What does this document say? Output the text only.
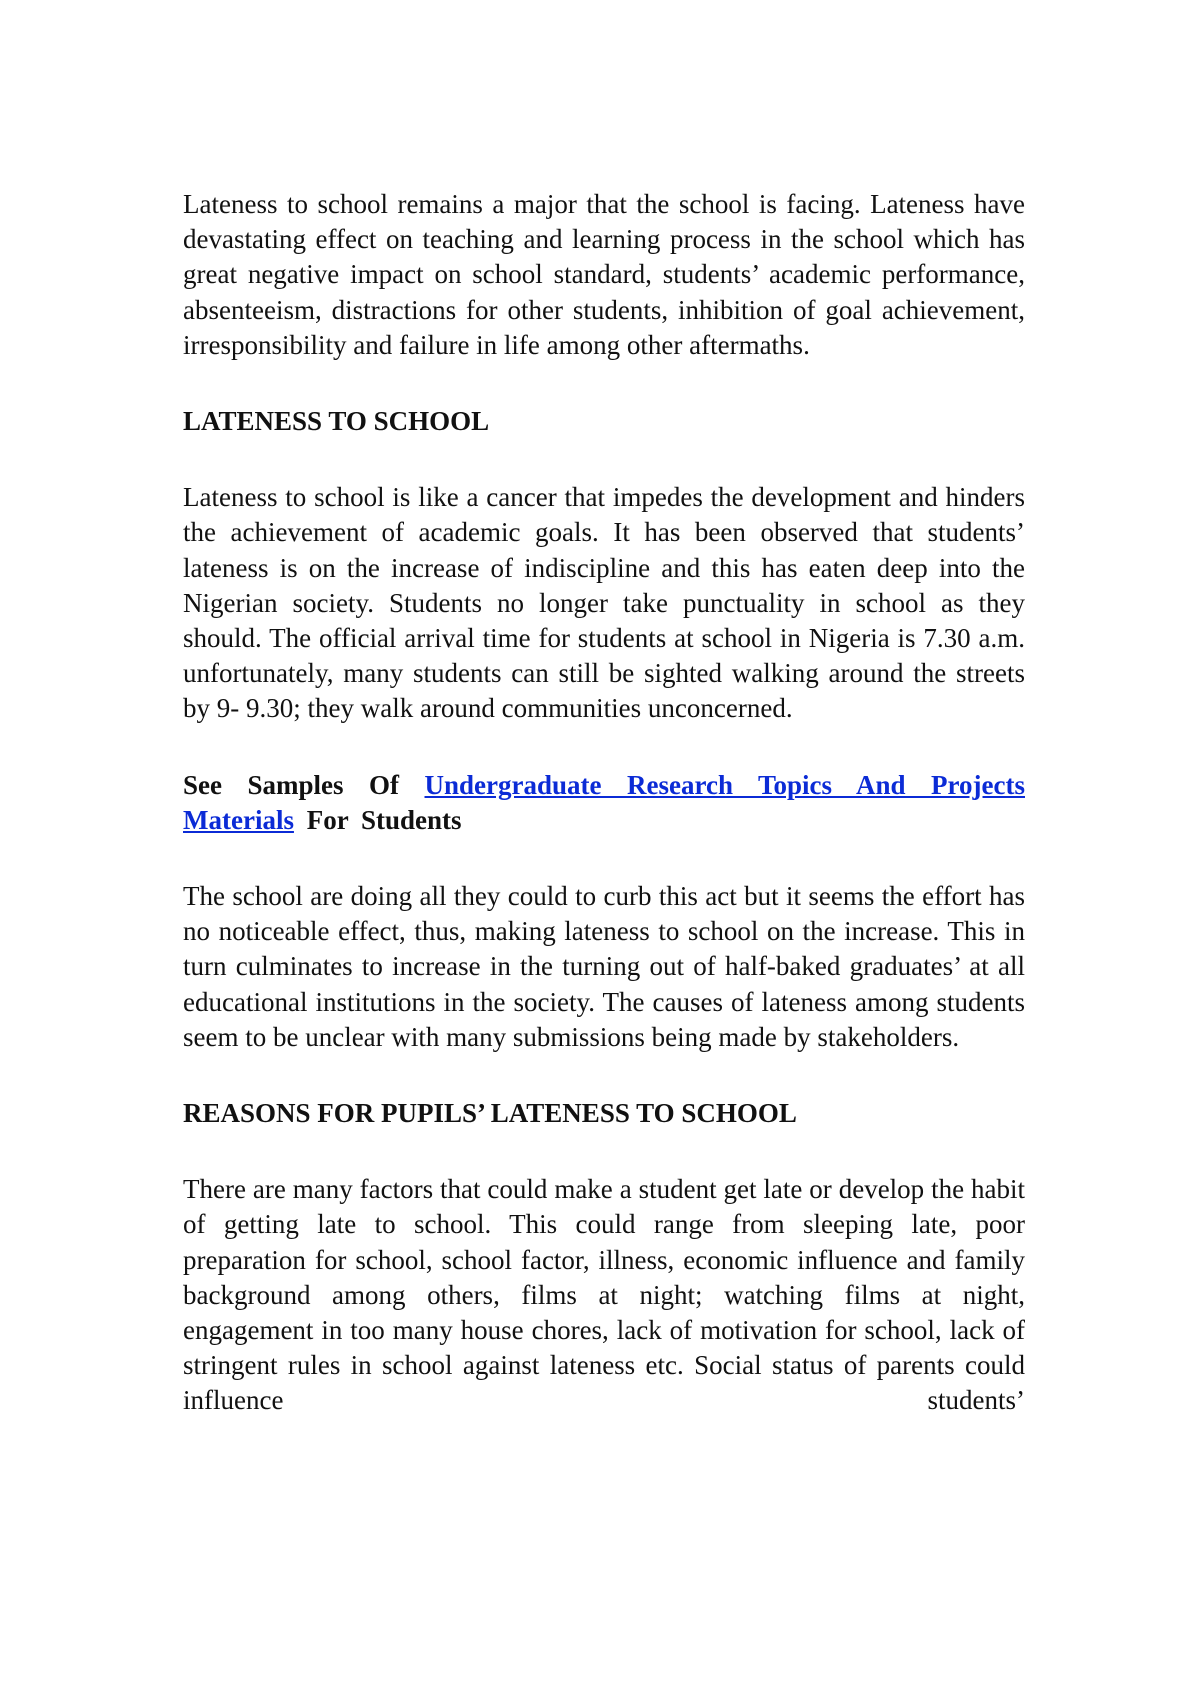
Lateness to school remains a major that the school is facing. Lateness have devastating effect on teaching and learning process in the school which has great negative impact on school standard, students’ academic performance, absenteeism, distractions for other students, inhibition of goal achievement, irresponsibility and failure in life among other aftermaths.

LATENESS TO SCHOOL

Lateness to school is like a cancer that impedes the development and hinders the achievement of academic goals. It has been observed that students’ lateness is on the increase of indiscipline and this has eaten deep into the Nigerian society. Students no longer take punctuality in school as they should. The official arrival time for students at school in Nigeria is 7.30 a.m. unfortunately, many students can still be sighted walking around the streets by 9- 9.30; they walk around communities unconcerned.

See Samples Of Undergraduate Research Topics And Projects Materials For Students

The school are doing all they could to curb this act but it seems the effort has no noticeable effect, thus, making lateness to school on the increase. This in turn culminates to increase in the turning out of half-baked graduates’ at all educational institutions in the society. The causes of lateness among students seem to be unclear with many submissions being made by stakeholders.

REASONS FOR PUPILS’ LATENESS TO SCHOOL

There are many factors that could make a student get late or develop the habit of getting late to school. This could range from sleeping late, poor preparation for school, school factor, illness, economic influence and family background among others, films at night; watching films at night, engagement in too many house chores, lack of motivation for school, lack of stringent rules in school against lateness etc. Social status of parents could influence students’
